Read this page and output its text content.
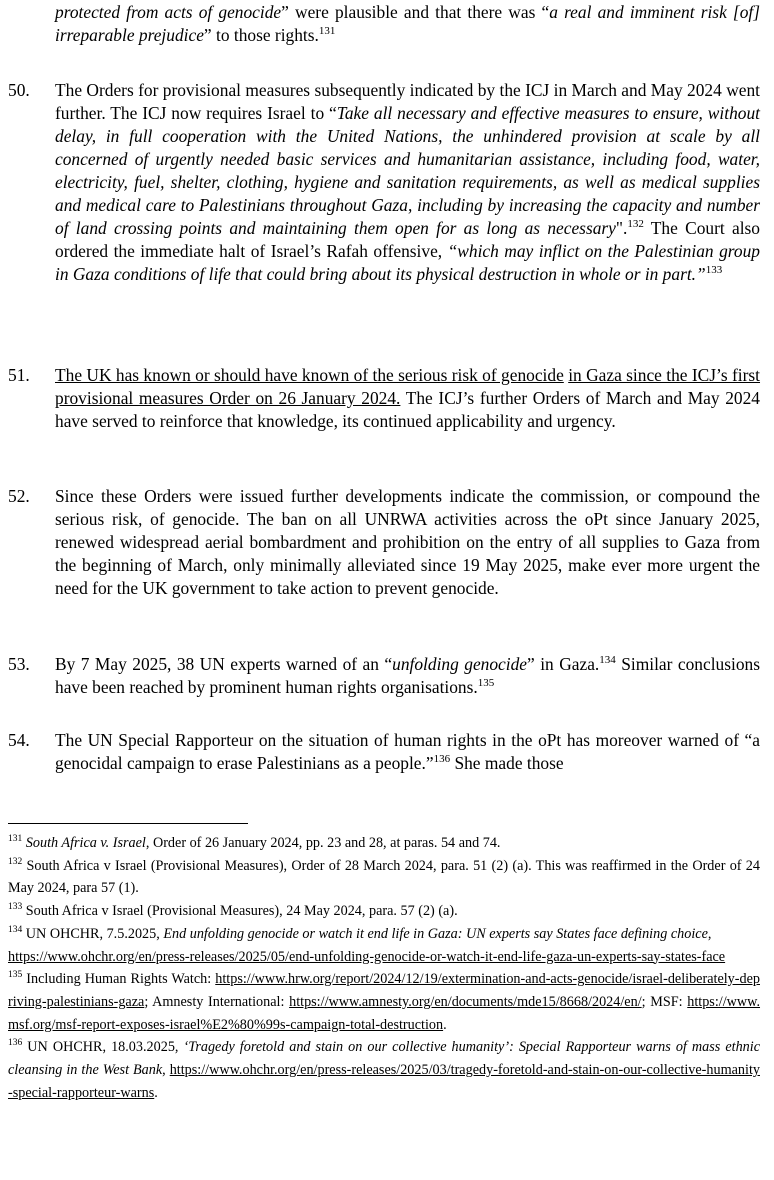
protected from acts of genocide” were plausible and that there was “a real and imminent risk [of] irreparable prejudice” to those rights.$^{131}$
50.	The Orders for provisional measures subsequently indicated by the ICJ in March and May 2024 went further. The ICJ now requires Israel to “Take all necessary and effective measures to ensure, without delay, in full cooperation with the United Nations, the unhindered provision at scale by all concerned of urgently needed basic services and humanitarian assistance, including food, water, electricity, fuel, shelter, clothing, hygiene and sanitation requirements, as well as medical supplies and medical care to Palestinians throughout Gaza, including by increasing the capacity and number of land crossing points and maintaining them open for as long as necessary".$^{132}$ The Court also ordered the immediate halt of Israel’s Rafah offensive, “which may inflict on the Palestinian group in Gaza conditions of life that could bring about its physical destruction in whole or in part.”$^{133}$
51.	The UK has known or should have known of the serious risk of genocide in Gaza since the ICJ’s first provisional measures Order on 26 January 2024. The ICJ’s further Orders of March and May 2024 have served to reinforce that knowledge, its continued applicability and urgency.
52.	Since these Orders were issued further developments indicate the commission, or compound the serious risk, of genocide. The ban on all UNRWA activities across the oPt since January 2025, renewed widespread aerial bombardment and prohibition on the entry of all supplies to Gaza from the beginning of March, only minimally alleviated since 19 May 2025, make ever more urgent the need for the UK government to take action to prevent genocide.
53.	By 7 May 2025, 38 UN experts warned of an “unfolding genocide” in Gaza.$^{134}$ Similar conclusions have been reached by prominent human rights organisations.$^{135}$
54.	The UN Special Rapporteur on the situation of human rights in the oPt has moreover warned of “a genocidal campaign to erase Palestinians as a people.”$^{136}$ She made those
$^{131}$ South Africa v. Israel, Order of 26 January 2024, pp. 23 and 28, at paras. 54 and 74.
$^{132}$ South Africa v Israel (Provisional Measures), Order of 28 March 2024, para. 51 (2) (a). This was reaffirmed in the Order of 24 May 2024, para 57 (1).
$^{133}$ South Africa v Israel (Provisional Measures), 24 May 2024, para. 57 (2) (a).
$^{134}$ UN OHCHR, 7.5.2025, End unfolding genocide or watch it end life in Gaza: UN experts say States face defining choice,
https://www.ohchr.org/en/press-releases/2025/05/end-unfolding-genocide-or-watch-it-end-life-gaza-un-experts-say-states-face
$^{135}$ Including Human Rights Watch: https://www.hrw.org/report/2024/12/19/extermination-and-acts-genocide/israel-deliberately-depriving-palestinians-gaza; Amnesty International: https://www.amnesty.org/en/documents/mde15/8668/2024/en/; MSF: https://www.msf.org/msf-report-exposes-israel%E2%80%99s-campaign-total-destruction.
$^{136}$ UN OHCHR, 18.03.2025, ‘Tragedy foretold and stain on our collective humanity’: Special Rapporteur warns of mass ethnic cleansing in the West Bank, https://www.ohchr.org/en/press-releases/2025/03/tragedy-foretold-and-stain-on-our-collective-humanity-special-rapporteur-warns.
